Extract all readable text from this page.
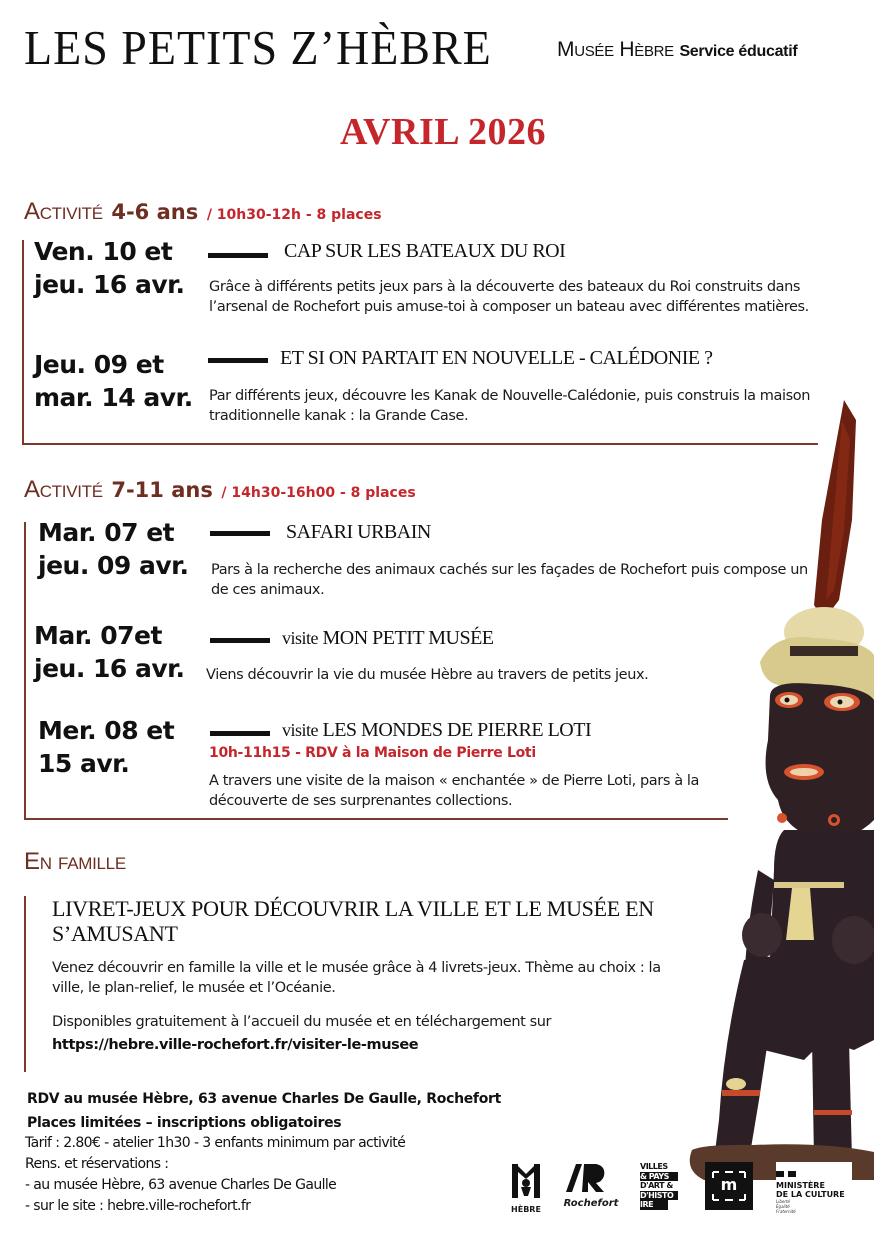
LES PETITS Z’HÈBRE	Musée Hèbre Service éducatif
AVRIL 2026
Activité 4-6 ans / 10h30-12h - 8 places
Ven. 10 et
jeu. 16 avr.
CAP SUR LES BATEAUX DU ROI
Grâce à différents petits jeux pars à la découverte des bateaux du Roi construits dans l’arsenal de Rochefort puis amuse-toi à composer un bateau avec différentes matières.
Jeu. 09 et
mar. 14 avr.
ET SI ON PARTAIT EN NOUVELLE - CALÉDONIE ?
Par différents jeux, découvre les Kanak de Nouvelle-Calédonie, puis construis la maison traditionnelle kanak : la Grande Case.
Activité 7-11 ans / 14h30-16h00 - 8 places
Mar. 07 et
jeu. 09 avr.
SAFARI URBAIN
Pars à la recherche des animaux cachés sur les façades de Rochefort puis compose un de ces animaux.
Mar. 07et
jeu. 16 avr.
visite MON PETIT MUSÉE
Viens découvrir la vie du musée Hèbre au travers de petits jeux.
Mer. 08 et
15 avr.
visite LES MONDES DE PIERRE LOTI
10h-11h15 - RDV à la Maison de Pierre Loti
A travers une visite de la maison « enchantée » de Pierre Loti, pars à la découverte de ses surprenantes collections.
En famille
LIVRET-JEUX POUR DÉCOUVRIR LA VILLE ET LE MUSÉE EN S’AMUSANT
Venez découvrir en famille la ville et le musée grâce à 4 livrets-jeux. Thème au choix : la ville, le plan-relief, le musée et l’Océanie.
Disponibles gratuitement à l’accueil du musée et en téléchargement sur
https://hebre.ville-rochefort.fr/visiter-le-musee
RDV au musée Hèbre, 63 avenue Charles De Gaulle, Rochefort
Places limitées – inscriptions obligatoires
Tarif : 2.80€ - atelier 1h30 - 3 enfants minimum par activité
Rens. et réservations :
- au musée Hèbre, 63 avenue Charles De Gaulle
- sur le site : hebre.ville-rochefort.fr	HÈBRE
Rochefort
VILLES
& PAYS
D'ART &
D'HISTO
IRE
m	MINISTÈRE
DE LA CULTURE
Liberté
Égalité
Fraternité
